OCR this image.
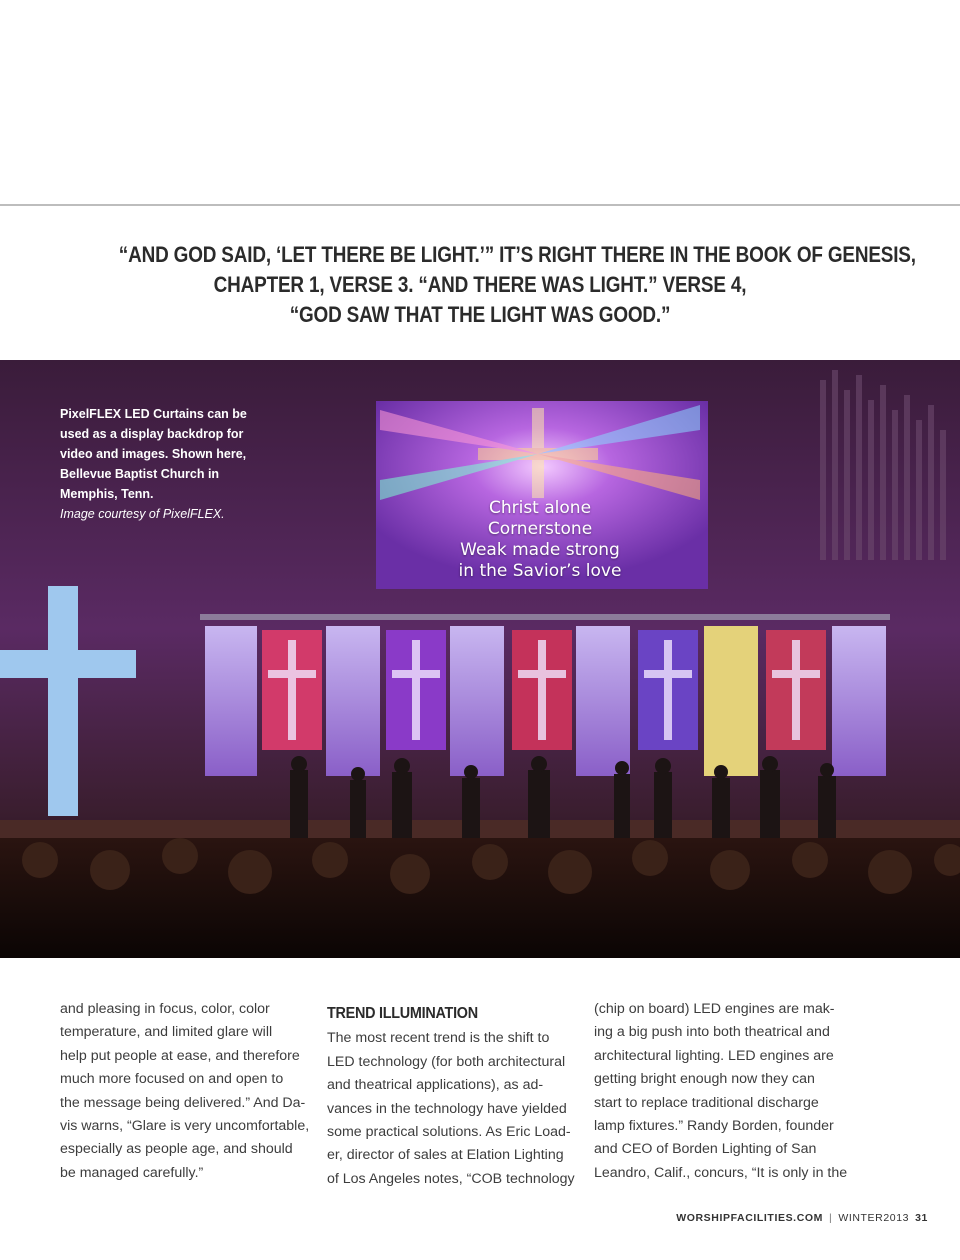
“AND GOD SAID, ‘LET THERE BE LIGHT.’” IT’S RIGHT THERE IN THE BOOK OF GENESIS,
CHAPTER 1, VERSE 3. “AND THERE WAS LIGHT.” VERSE 4,
“GOD SAW THAT THE LIGHT WAS GOOD.”
Christ alone
Cornerstone
Weak made strong
in the Savior’s love
PixelFLEX LED Curtains can be
used as a display backdrop for
video and images. Shown here,
Bellevue Baptist Church in
Memphis, Tenn.
Image courtesy of PixelFLEX.
and pleasing in focus, color, color
temperature, and limited glare will
help put people at ease, and therefore
much more focused on and open to
the message being delivered.” And Da-
vis warns, “Glare is very uncomfortable,
especially as people age, and should
be managed carefully.”
TREND ILLUMINATION
The most recent trend is the shift to
LED technology (for both architectural
and theatrical applications), as ad-
vances in the technology have yielded
some practical solutions. As Eric Load-
er, director of sales at Elation Lighting
of Los Angeles notes, “COB technology
(chip on board) LED engines are mak-
ing a big push into both theatrical and
architectural lighting. LED engines are
getting bright enough now they can
start to replace traditional discharge
lamp fixtures.” Randy Borden, founder
and CEO of Borden Lighting of San
Leandro, Calif., concurs, “It is only in the
WORSHIPFACILITIES.COM | WINTER2013 31
